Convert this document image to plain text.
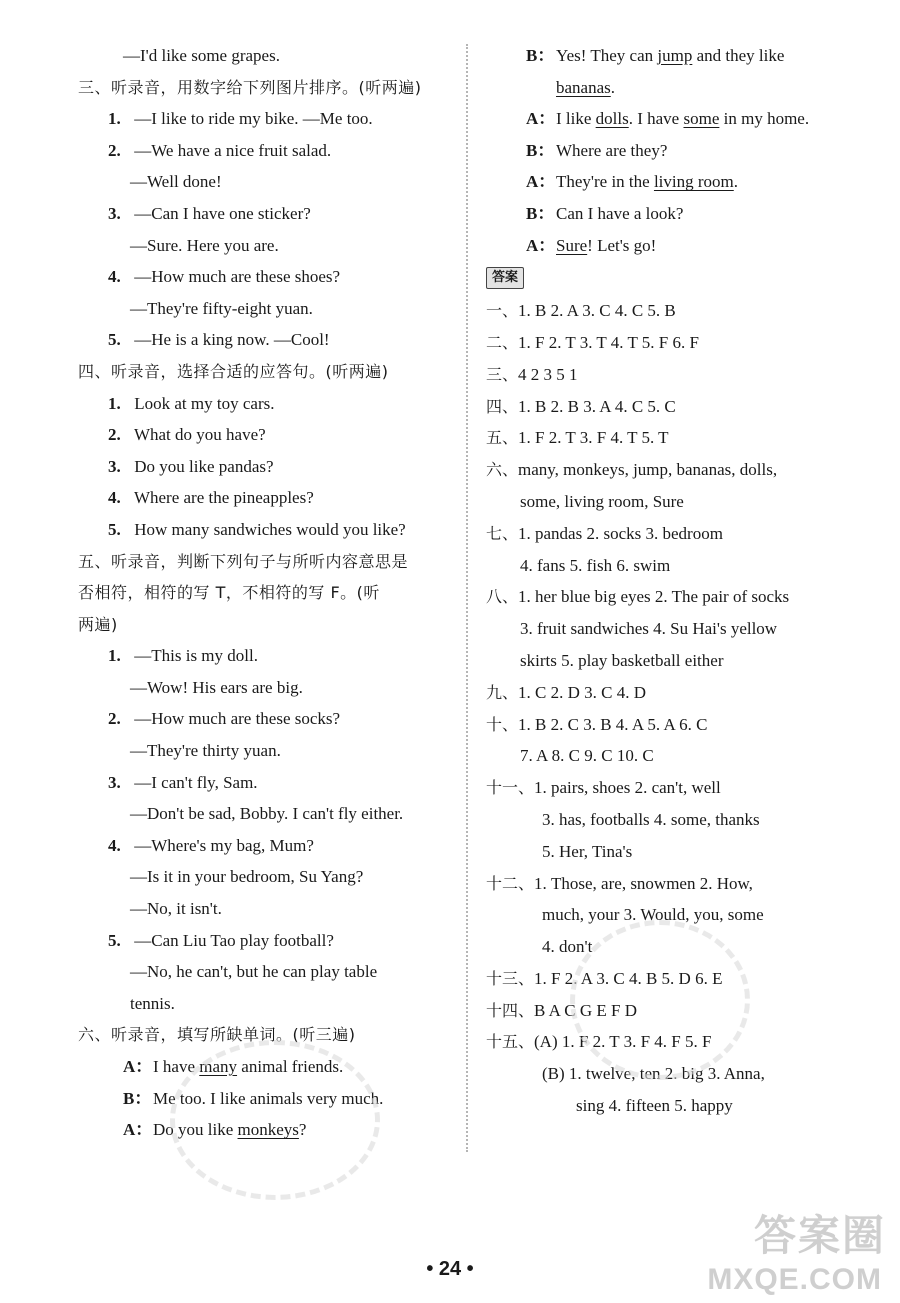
—I'd like some grapes.
三、听录音，用数字给下列图片排序。(听两遍)
1. —I like to ride my bike. —Me too.
2. —We have a nice fruit salad.
—Well done!
3. —Can I have one sticker?
—Sure. Here you are.
4. —How much are these shoes?
—They're fifty-eight yuan.
5. —He is a king now. —Cool!
四、听录音，选择合适的应答句。(听两遍)
1. Look at my toy cars.
2. What do you have?
3. Do you like pandas?
4. Where are the pineapples?
5. How many sandwiches would you like?
五、听录音，判断下列句子与所听内容意思是
否相符，相符的写 T，不相符的写 F。(听
两遍)
1. —This is my doll.
—Wow! His ears are big.
2. —How much are these socks?
—They're thirty yuan.
3. —I can't fly, Sam.
—Don't be sad, Bobby. I can't fly either.
4. —Where's my bag, Mum?
—Is it in your bedroom, Su Yang?
—No, it isn't.
5. —Can Liu Tao play football?
—No, he can't, but he can play table
tennis.
六、听录音，填写所缺单词。(听三遍)
A：I have many animal friends.
B：Me too. I like animals very much.
A：Do you like monkeys?
B：Yes! They can jump and they like
bananas.
A：I like dolls. I have some in my home.
B：Where are they?
A：They're in the living room.
B：Can I have a look?
A：Sure! Let's go!
答案
一、1. B 2. A 3. C 4. C 5. B
二、1. F 2. T 3. T 4. T 5. F 6. F
三、4 2 3 5 1
四、1. B 2. B 3. A 4. C 5. C
五、1. F 2. T 3. F 4. T 5. T
六、many, monkeys, jump, bananas, dolls,
some, living room, Sure
七、1. pandas 2. socks 3. bedroom
4. fans 5. fish 6. swim
八、1. her blue big eyes 2. The pair of socks
3. fruit sandwiches 4. Su Hai's yellow
skirts 5. play basketball either
九、1. C 2. D 3. C 4. D
十、1. B 2. C 3. B 4. A 5. A 6. C
7. A 8. C 9. C 10. C
十一、1. pairs, shoes 2. can't, well
3. has, footballs 4. some, thanks
5. Her, Tina's
十二、1. Those, are, snowmen 2. How,
much, your 3. Would, you, some
4. don't
十三、1. F 2. A 3. C 4. B 5. D 6. E
十四、B A C G E F D
十五、(A) 1. F 2. T 3. F 4. F 5. F
(B) 1. twelve, ten 2. big 3. Anna,
sing 4. fifteen 5. happy
答案圈
MXQE.COM
• 24 •
